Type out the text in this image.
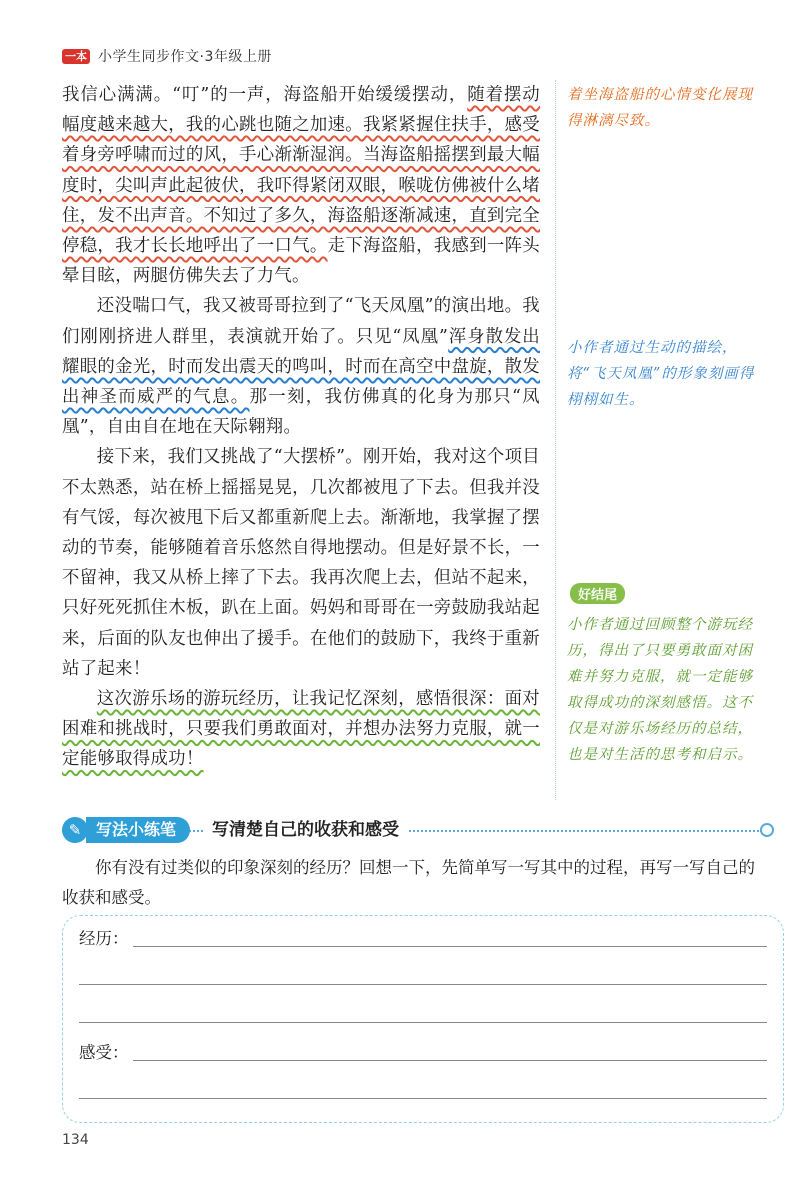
一本 小学生同步作文·3年级上册

我信心满满。“叮”的一声，海盗船开始缓缓摆动，随着摆动幅度越来越大，我的心跳也随之加速。我紧紧握住扶手，感受着身旁呼啸而过的风，手心渐渐湿润。当海盗船摇摆到最大幅度时，尖叫声此起彼伏，我吓得紧闭双眼，喉咙仿佛被什么堵住，发不出声音。不知过了多久，海盗船逐渐减速，直到完全停稳，我才长长地呼出了一口气。走下海盗船，我感到一阵头晕目眩，两腿仿佛失去了力气。

还没喘口气，我又被哥哥拉到了“飞天凤凰”的演出地。我们刚刚挤进人群里，表演就开始了。只见“凤凰”浑身散发出耀眼的金光，时而发出震天的鸣叫，时而在高空中盘旋，散发出神圣而威严的气息。那一刻，我仿佛真的化身为那只“凤凰”，自由自在地在天际翱翔。

接下来，我们又挑战了“大摆桥”。刚开始，我对这个项目不太熟悉，站在桥上摇摇晃晃，几次都被甩了下去。但我并没有气馁，每次被甩下后又都重新爬上去。渐渐地，我掌握了摆动的节奏，能够随着音乐悠然自得地摆动。但是好景不长，一不留神，我又从桥上摔了下去。我再次爬上去，但站不起来，只好死死抓住木板，趴在上面。妈妈和哥哥在一旁鼓励我站起来，后面的队友也伸出了援手。在他们的鼓励下，我终于重新站了起来！

这次游乐场的游玩经历，让我记忆深刻，感悟很深：面对困难和挑战时，只要我们勇敢面对，并想办法努力克服，就一定能够取得成功！

着坐海盗船的心情变化展现得淋漓尽致。
小作者通过生动的描绘，将“飞天凤凰”的形象刻画得栩栩如生。
好结尾
小作者通过回顾整个游玩经历，得出了只要勇敢面对困难并努力克服，就一定能够取得成功的深刻感悟。这不仅是对游乐场经历的总结，也是对生活的思考和启示。
写法小练笔
✎	写清楚自己的收获和感受

你有没有过类似的印象深刻的经历？回想一下，先简单写一写其中的过程，再写一写自己的收获和感受。

经历：
感受：
134
